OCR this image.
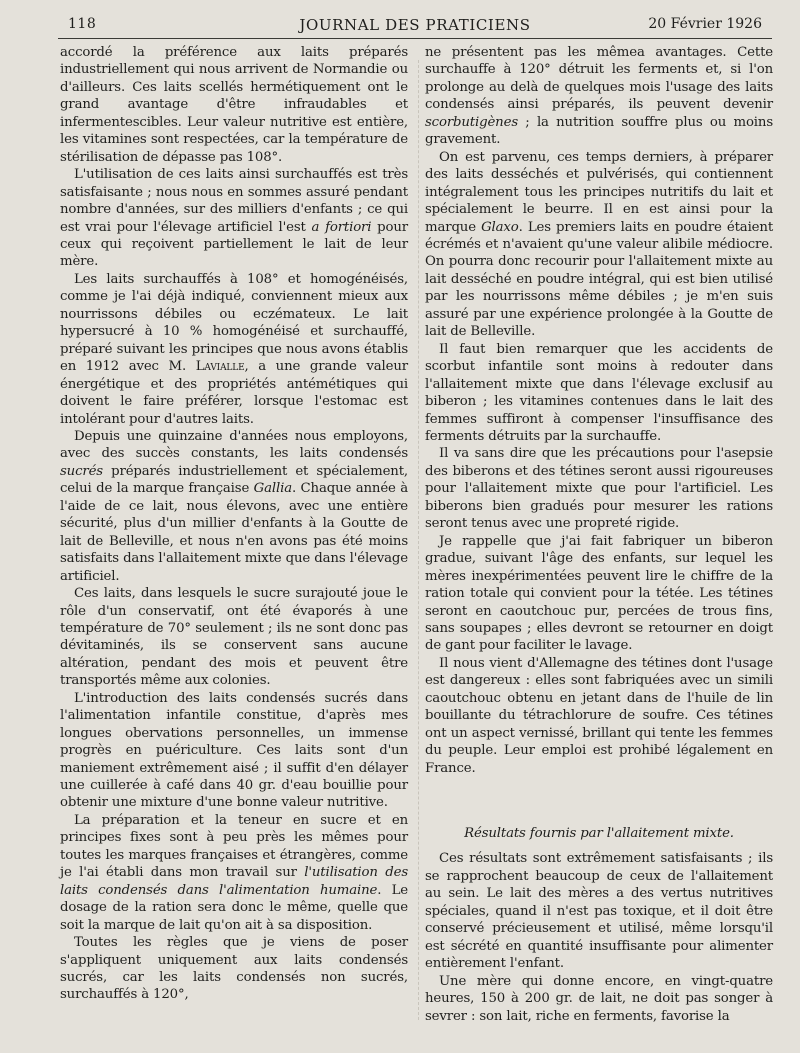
118	JOURNAL DES PRATICIENS	20 Février 1926

accordé la préférence aux laits préparés industriellement qui nous arrivent de Normandie ou d'ailleurs. Ces laits scellés hermétiquement ont le grand avantage d'être infraudables et infermentescibles. Leur valeur nutritive est entière, les vitamines sont respectées, car la température de stérilisation de dépasse pas 108°.

L'utilisation de ces laits ainsi surchauffés est très satisfaisante ; nous nous en sommes assuré pendant nombre d'années, sur des milliers d'enfants ; ce qui est vrai pour l'élevage artificiel l'est a fortiori pour ceux qui reçoivent partiellement le lait de leur mère.

Les laits surchauffés à 108° et homogénéisés, comme je l'ai déjà indiqué, conviennent mieux aux nourrissons débiles ou eczémateux. Le lait hypersucré à 10 % homogénéisé et surchauffé, préparé suivant les principes que nous avons établis en 1912 avec M. Lavialle, a une grande valeur énergétique et des propriétés antémétiques qui doivent le faire préférer, lorsque l'estomac est intolérant pour d'autres laits.

Depuis une quinzaine d'années nous employons, avec des succès constants, les laits condensés sucrés préparés industriellement et spécialement, celui de la marque française Gallia. Chaque année à l'aide de ce lait, nous élevons, avec une entière sécurité, plus d'un millier d'enfants à la Goutte de lait de Belleville, et nous n'en avons pas été moins satisfaits dans l'allaitement mixte que dans l'élevage artificiel.

Ces laits, dans lesquels le sucre surajouté joue le rôle d'un conservatif, ont été évaporés à une température de 70° seulement ; ils ne sont donc pas dévitaminés, ils se conservent sans aucune altération, pendant des mois et peuvent être transportés même aux colonies.

L'introduction des laits condensés sucrés dans l'alimentation infantile constitue, d'après mes longues obervations personnelles, un immense progrès en puériculture. Ces laits sont d'un maniement extrêmement aisé ; il suffit d'en délayer une cuillerée à café dans 40 gr. d'eau bouillie pour obtenir une mixture d'une bonne valeur nutritive.

La préparation et la teneur en sucre et en principes fixes sont à peu près les mêmes pour toutes les marques françaises et étrangères, comme je l'ai établi dans mon travail sur l'utilisation des laits condensés dans l'alimentation humaine. Le dosage de la ration sera donc le même, quelle que soit la marque de lait qu'on ait à sa disposition.

Toutes les règles que je viens de poser s'appliquent uniquement aux laits condensés sucrés, car les laits condensés non sucrés, surchauffés à 120°,

ne présentent pas les mêmea avantages. Cette surchauffe à 120° détruit les ferments et, si l'on prolonge au delà de quelques mois l'usage des laits condensés ainsi préparés, ils peuvent devenir scorbutigènes ; la nutrition souffre plus ou moins gravement.

On est parvenu, ces temps derniers, à préparer des laits desséchés et pulvérisés, qui contiennent intégralement tous les principes nutritifs du lait et spécialement le beurre. Il en est ainsi pour la marque Glaxo. Les premiers laits en poudre étaient écrémés et n'avaient qu'une valeur alibile médiocre. On pourra donc recourir pour l'allaitement mixte au lait desséché en poudre intégral, qui est bien utilisé par les nourrissons même débiles ; je m'en suis assuré par une expérience prolongée à la Goutte de lait de Belleville.

Il faut bien remarquer que les accidents de scorbut infantile sont moins à redouter dans l'allaitement mixte que dans l'élevage exclusif au biberon ; les vitamines contenues dans le lait des femmes suffiront à compenser l'insuffisance des ferments détruits par la surchauffe.

Il va sans dire que les précautions pour l'asepsie des biberons et des tétines seront aussi rigoureuses pour l'allaitement mixte que pour l'artificiel. Les biberons bien gradués pour mesurer les rations seront tenus avec une propreté rigide.

Je rappelle que j'ai fait fabriquer un biberon gradue, suivant l'âge des enfants, sur lequel les mères inexpérimentées peuvent lire le chiffre de la ration totale qui convient pour la tétée. Les tétines seront en caoutchouc pur, percées de trous fins, sans soupapes ; elles devront se retourner en doigt de gant pour faciliter le lavage.

Il nous vient d'Allemagne des tétines dont l'usage est dangereux : elles sont fabriquées avec un simili caoutchouc obtenu en jetant dans de l'huile de lin bouillante du tétrachlorure de soufre. Ces tétines ont un aspect vernissé, brillant qui tente les femmes du peuple. Leur emploi est prohibé légalement en France.

Résultats fournis par l'allaitement mixte.

Ces résultats sont extrêmement satisfaisants ; ils se rapprochent beaucoup de ceux de l'allaitement au sein. Le lait des mères a des vertus nutritives spéciales, quand il n'est pas toxique, et il doit être conservé précieusement et utilisé, même lorsqu'il est sécrété en quantité insuffisante pour alimenter entièrement l'enfant.

Une mère qui donne encore, en vingt-quatre heures, 150 à 200 gr. de lait, ne doit pas songer à sevrer : son lait, riche en ferments, favorise la
